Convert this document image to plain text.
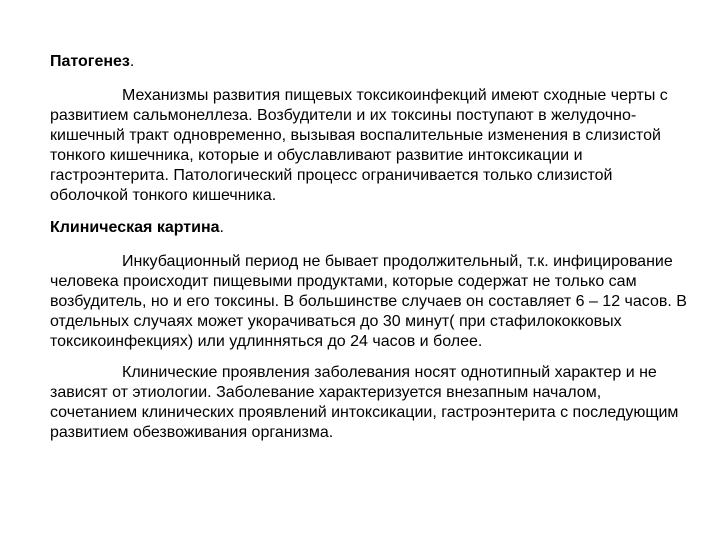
Патогенез.

Механизмы развития пищевых токсикоинфекций имеют сходные черты с развитием сальмонеллеза. Возбудители и их токсины поступают в желудочно-кишечный тракт одновременно, вызывая воспалительные изменения в слизистой тонкого кишечника, которые и обуславливают развитие интоксикации и гастроэнтерита. Патологический процесс ограничивается только слизистой оболочкой тонкого кишечника.

Клиническая картина.

Инкубационный период не бывает продолжительный, т.к. инфицирование человека происходит пищевыми продуктами, которые содержат не только сам возбудитель, но и его токсины. В большинстве случаев он составляет 6 – 12 часов. В отдельных случаях может укорачиваться до 30 минут( при стафилококковых токсикоинфекциях) или удлинняться до 24 часов и более.

Клинические проявления заболевания носят однотипный характер и не зависят от этиологии. Заболевание характеризуется внезапным началом, сочетанием клинических проявлений интоксикации, гастроэнтерита с последующим развитием обезвоживания организма.
